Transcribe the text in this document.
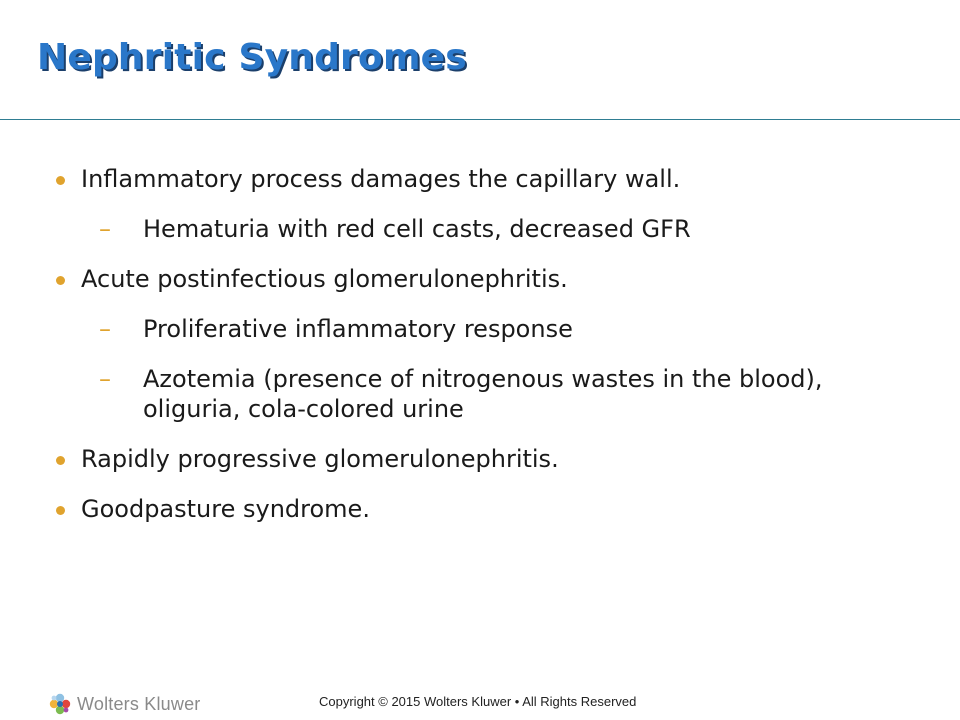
Nephritic Syndromes
Inflammatory process damages the capillary wall.
– Hematuria with red cell casts, decreased GFR
Acute postinfectious glomerulonephritis.
– Proliferative inflammatory response
– Azotemia (presence of nitrogenous wastes in the blood), oliguria, cola-colored urine
Rapidly progressive glomerulonephritis.
Goodpasture syndrome.
Wolters Kluwer	Copyright © 2015 Wolters Kluwer • All Rights Reserved
